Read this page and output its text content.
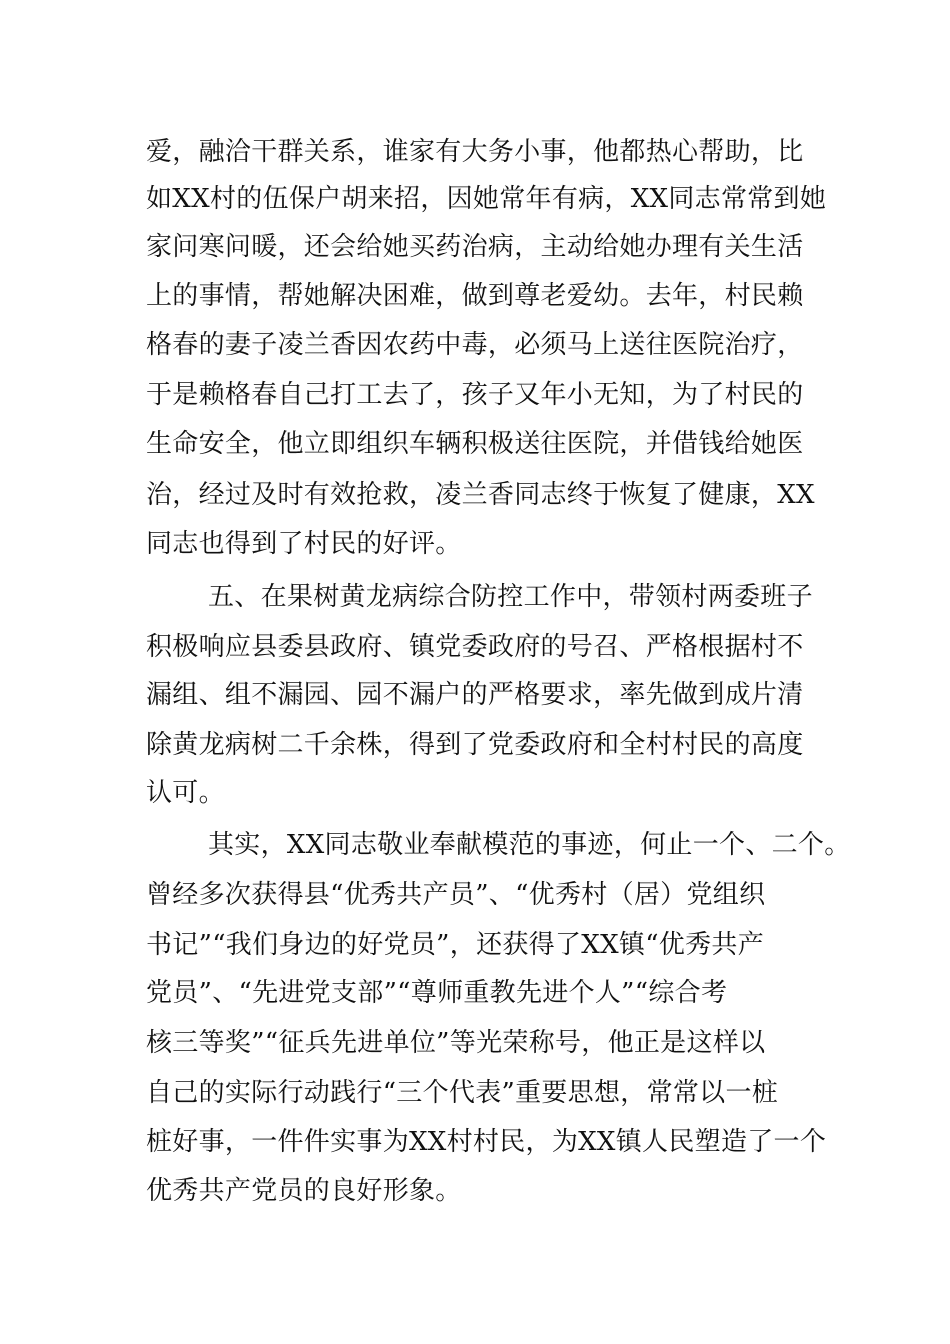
爱，融洽干群关系，谁家有大务小事，他都热心帮助，比
如XX村的伍保户胡来招，因她常年有病，XX同志常常到她
家问寒问暖，还会给她买药治病，主动给她办理有关生活
上的事情，帮她解决困难，做到尊老爱幼。去年，村民赖
格春的妻子凌兰香因农药中毒，必须马上送往医院治疗，
于是赖格春自己打工去了，孩子又年小无知，为了村民的
生命安全，他立即组织车辆积极送往医院，并借钱给她医
治，经过及时有效抢救，凌兰香同志终于恢复了健康，XX
同志也得到了村民的好评。
五、在果树黄龙病综合防控工作中，带领村两委班子
积极响应县委县政府、镇党委政府的号召、严格根据村不
漏组、组不漏园、园不漏户的严格要求，率先做到成片清
除黄龙病树二千余株，得到了党委政府和全村村民的高度
认可。
其实，XX同志敬业奉献模范的事迹，何止一个、二个。
曾经多次获得县“优秀共产员”、“优秀村（居）党组织
书记”“我们身边的好党员”，还获得了XX镇“优秀共产
党员”、“先进党支部”“尊师重教先进个人”“综合考
核三等奖”“征兵先进单位”等光荣称号，他正是这样以
自己的实际行动践行“三个代表”重要思想，常常以一桩
桩好事，一件件实事为XX村村民，为XX镇人民塑造了一个
优秀共产党员的良好形象。
